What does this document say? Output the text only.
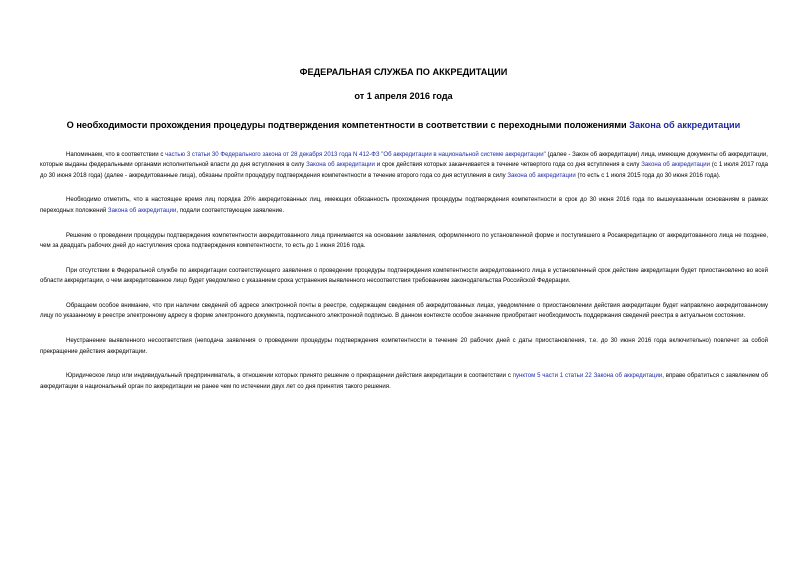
ФЕДЕРАЛЬНАЯ СЛУЖБА ПО АККРЕДИТАЦИИ
от 1 апреля 2016 года
О необходимости прохождения процедуры подтверждения компетентности в соответствии с переходными положениями Закона об аккредитации

Напоминаем, что в соответствии с частью 3 статьи 30 Федерального закона от 28 декабря 2013 года N 412-ФЗ "Об аккредитации в национальной системе аккредитации" (далее - Закон об аккредитации) лица, имеющие документы об аккредитации, которые выданы федеральными органами исполнительной власти до дня вступления в силу Закона об аккредитации и срок действия которых заканчивается в течение четвертого года со дня вступления в силу Закона об аккредитации (с 1 июля 2017 года до 30 июня 2018 года) (далее - аккредитованные лица), обязаны пройти процедуру подтверждения компетентности в течение второго года со дня вступления в силу Закона об аккредитации (то есть с 1 июля 2015 года до 30 июня 2016 года).

Необходимо отметить, что в настоящее время лиц порядка 20% аккредитованных лиц, имеющих обязанность прохождения процедуры подтверждения компетентности в срок до 30 июня 2016 года по вышеуказанным основаниям в рамках переходных положений Закона об аккредитации, подали соответствующее заявление.

Решение о проведении процедуры подтверждения компетентности аккредитованного лица принимается на основании заявления, оформленного по установленной форме и поступившего в Росаккредитацию от аккредитованного лица не позднее, чем за двадцать рабочих дней до наступления срока подтверждения компетентности, то есть до 1 июня 2016 года.

При отсутствии в Федеральной службе по аккредитации соответствующего заявления о проведении процедуры подтверждения компетентности аккредитованного лица в установленный срок действие аккредитации будет приостановлено во всей области аккредитации, о чем аккредитованное лицо будет уведомлено с указанием срока устранения выявленного несоответствия требованиям законодательства Российской Федерации.

Обращаем особое внимание, что при наличии сведений об адресе электронной почты в реестре, содержащем сведения об аккредитованных лицах, уведомление о приостановлении действия аккредитации будет направлено аккредитованному лицу по указанному в реестре электронному адресу в форме электронного документа, подписанного электронной подписью. В данном контексте особое значение приобретает необходимость поддержания сведений реестра в актуальном состоянии.

Неустранение выявленного несоответствия (неподача заявления о проведении процедуры подтверждения компетентности в течение 20 рабочих дней с даты приостановления, т.е. до 30 июня 2016 года включительно) повлечет за собой прекращение действия аккредитации.

Юридическое лицо или индивидуальный предприниматель, в отношении которых принято решение о прекращении действия аккредитации в соответствии с пунктом 5 части 1 статьи 22 Закона об аккредитации, вправе обратиться с заявлением об аккредитации в национальный орган по аккредитации не ранее чем по истечении двух лет со дня принятия такого решения.
